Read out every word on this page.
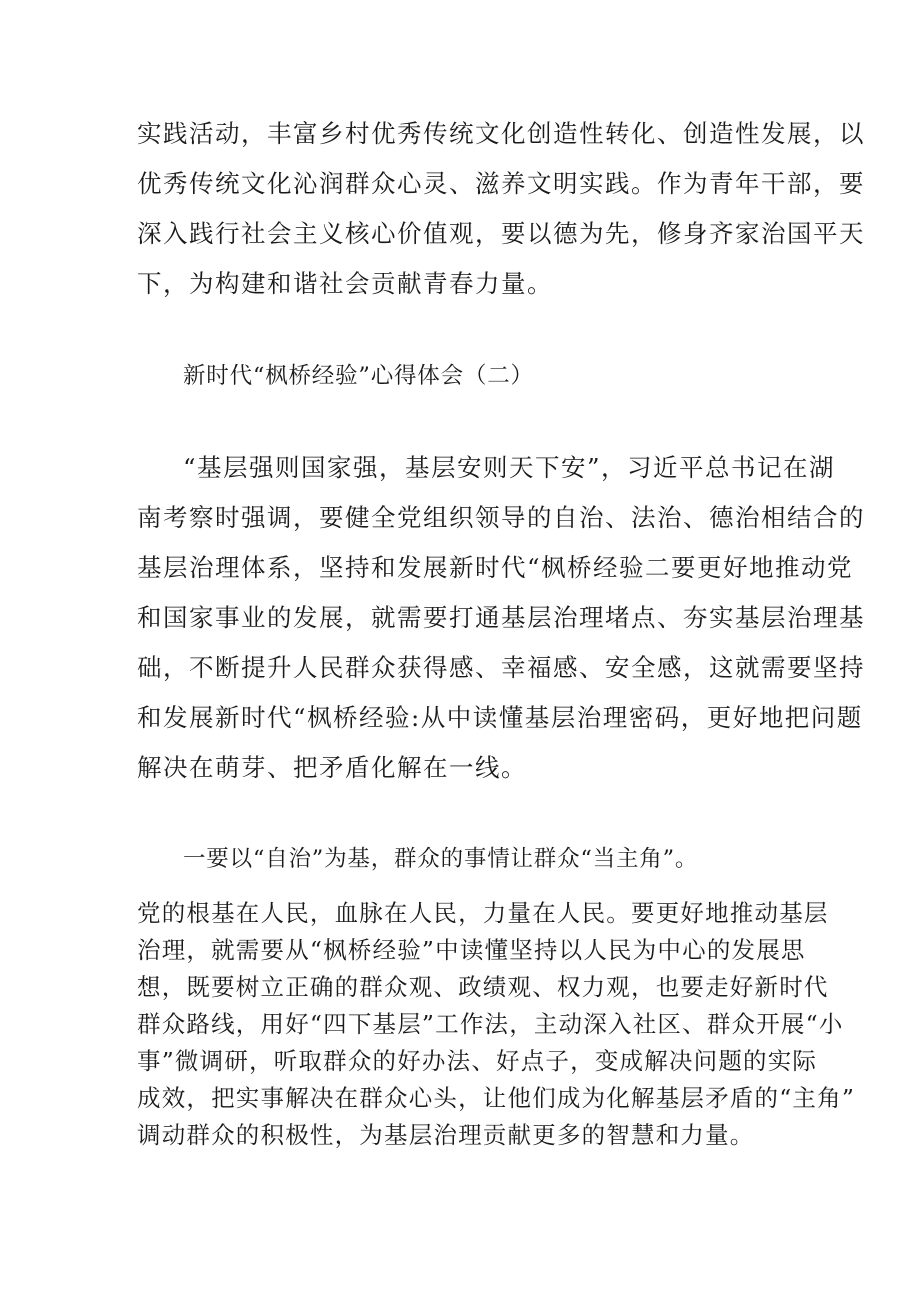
实践活动，丰富乡村优秀传统文化创造性转化、创造性发展，以
优秀传统文化沁润群众心灵、滋养文明实践。作为青年干部，要
深入践行社会主义核心价值观，要以德为先，修身齐家治国平天
下，为构建和谐社会贡献青春力量。
新时代“枫桥经验”心得体会（二）
“基层强则国家强，基层安则天下安”，习近平总书记在湖
南考察时强调，要健全党组织领导的自治、法治、德治相结合的
基层治理体系，坚持和发展新时代“枫桥经验二要更好地推动党
和国家事业的发展，就需要打通基层治理堵点、夯实基层治理基
础，不断提升人民群众获得感、幸福感、安全感，这就需要坚持
和发展新时代“枫桥经验:从中读懂基层治理密码，更好地把问题
解决在萌芽、把矛盾化解在一线。
一要以“自治”为基，群众的事情让群众“当主角”。
党的根基在人民，血脉在人民，力量在人民。要更好地推动基层
治理，就需要从“枫桥经验”中读懂坚持以人民为中心的发展思
想，既要树立正确的群众观、政绩观、权力观，也要走好新时代
群众路线，用好“四下基层”工作法，主动深入社区、群众开展“小
事”微调研，听取群众的好办法、好点子，变成解决问题的实际
成效，把实事解决在群众心头，让他们成为化解基层矛盾的“主角”
调动群众的积极性，为基层治理贡献更多的智慧和力量。
